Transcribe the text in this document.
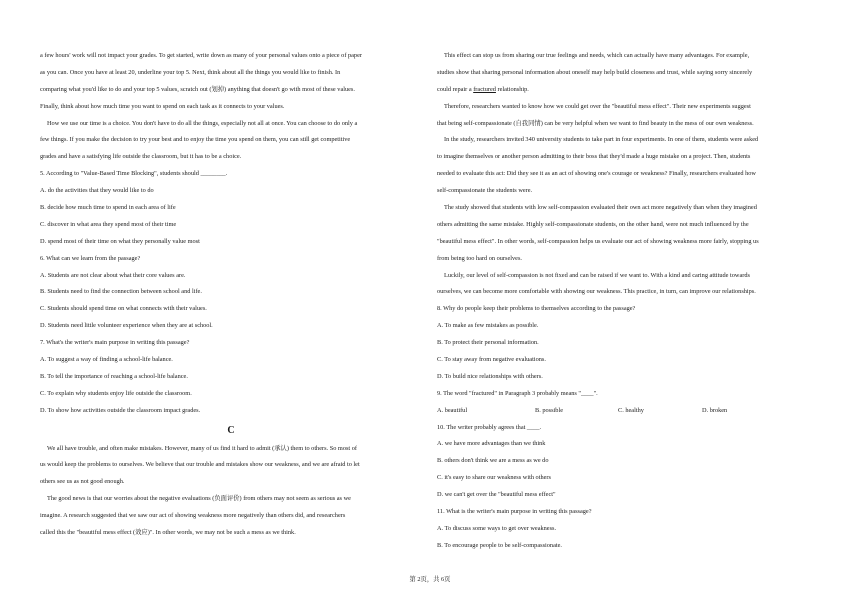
a few hours' work will not impact your grades. To get started, write down as many of your personal values onto a piece of paper
as you can. Once you have at least 20, underline your top 5. Next, think about all the things you would like to finish. In
comparing what you'd like to do and your top 5 values, scratch out (划掉) anything that doesn't go with most of these values.
Finally, think about how much time you want to spend on each task as it connects to your values.
How we use our time is a choice. You don't have to do all the things, especially not all at once. You can choose to do only a
few things. If you make the decision to try your best and to enjoy the time you spend on them, you can still get competitive
grades and have a satisfying life outside the classroom, but it has to be a choice.
5. According to "Value-Based Time Blocking", students should ________.
A. do the activities that they would like to do
B. decide how much time to spend in each area of life
C. discover in what area they spend most of their time
D. spend most of their time on what they personally value most
6. What can we learn from the passage?
A. Students are not clear about what their core values are.
B. Students need to find the connection between school and life.
C. Students should spend time on what connects with their values.
D. Students need little volunteer experience when they are at school.
7. What's the writer's main purpose in writing this passage?
A. To suggest a way of finding a school-life balance.
B. To tell the importance of reaching a school-life balance.
C. To explain why students enjoy life outside the classroom.
D. To show how activities outside the classroom impact grades.
C
We all have trouble, and often make mistakes. However, many of us find it hard to admit (承认) them to others. So most of
us would keep the problems to ourselves. We believe that our trouble and mistakes show our weakness, and we are afraid to let
others see us as not good enough.
The good news is that our worries about the negative evaluations (负面评价) from others may not seem as serious as we
imagine. A research suggested that we saw our act of showing weakness more negatively than others did, and researchers
called this the "beautiful mess effect (效应)". In other words, we may not be such a mess as we think.
This effect can stop us from sharing our true feelings and needs, which can actually have many advantages. For example,
studies show that sharing personal information about oneself may help build closeness and trust, while saying sorry sincerely
could repair a fractured relationship.
Therefore, researchers wanted to know how we could get over the "beautiful mess effect". Their new experiments suggest
that being self-compassionate (自我同情) can be very helpful when we want to find beauty in the mess of our own weakness.
In the study, researchers invited 340 university students to take part in four experiments. In one of them, students were asked
to imagine themselves or another person admitting to their boss that they'd made a huge mistake on a project. Then, students
needed to evaluate this act: Did they see it as an act of showing one's courage or weakness? Finally, researchers evaluated how
self-compassionate the students were.
The study showed that students with low self-compassion evaluated their own act more negatively than when they imagined
others admitting the same mistake. Highly self-compassionate students, on the other hand, were not much influenced by the
"beautiful mess effect". In other words, self-compassion helps us evaluate our act of showing weakness more fairly, stopping us
from being too hard on ourselves.
Luckily, our level of self-compassion is not fixed and can be raised if we want to. With a kind and caring attitude towards
ourselves, we can become more comfortable with showing our weakness. This practice, in turn, can improve our relationships.
8. Why do people keep their problems to themselves according to the passage?
A. To make as few mistakes as possible.
B. To protect their personal information.
C. To stay away from negative evaluations.
D. To build nice relationships with others.
9. The word "fractured" in Paragraph 3 probably means "____".
A. beautiful	B. possible	C. healthy	D. broken
10. The writer probably agrees that ____.
A. we have more advantages than we think
B. others don't think we are a mess as we do
C. it's easy to share our weakness with others
D. we can't get over the "beautiful mess effect"
11. What is the writer's main purpose in writing this passage?
A. To discuss some ways to get over weakness.
B. To encourage people to be self-compassionate.
第 2页，共 6页
